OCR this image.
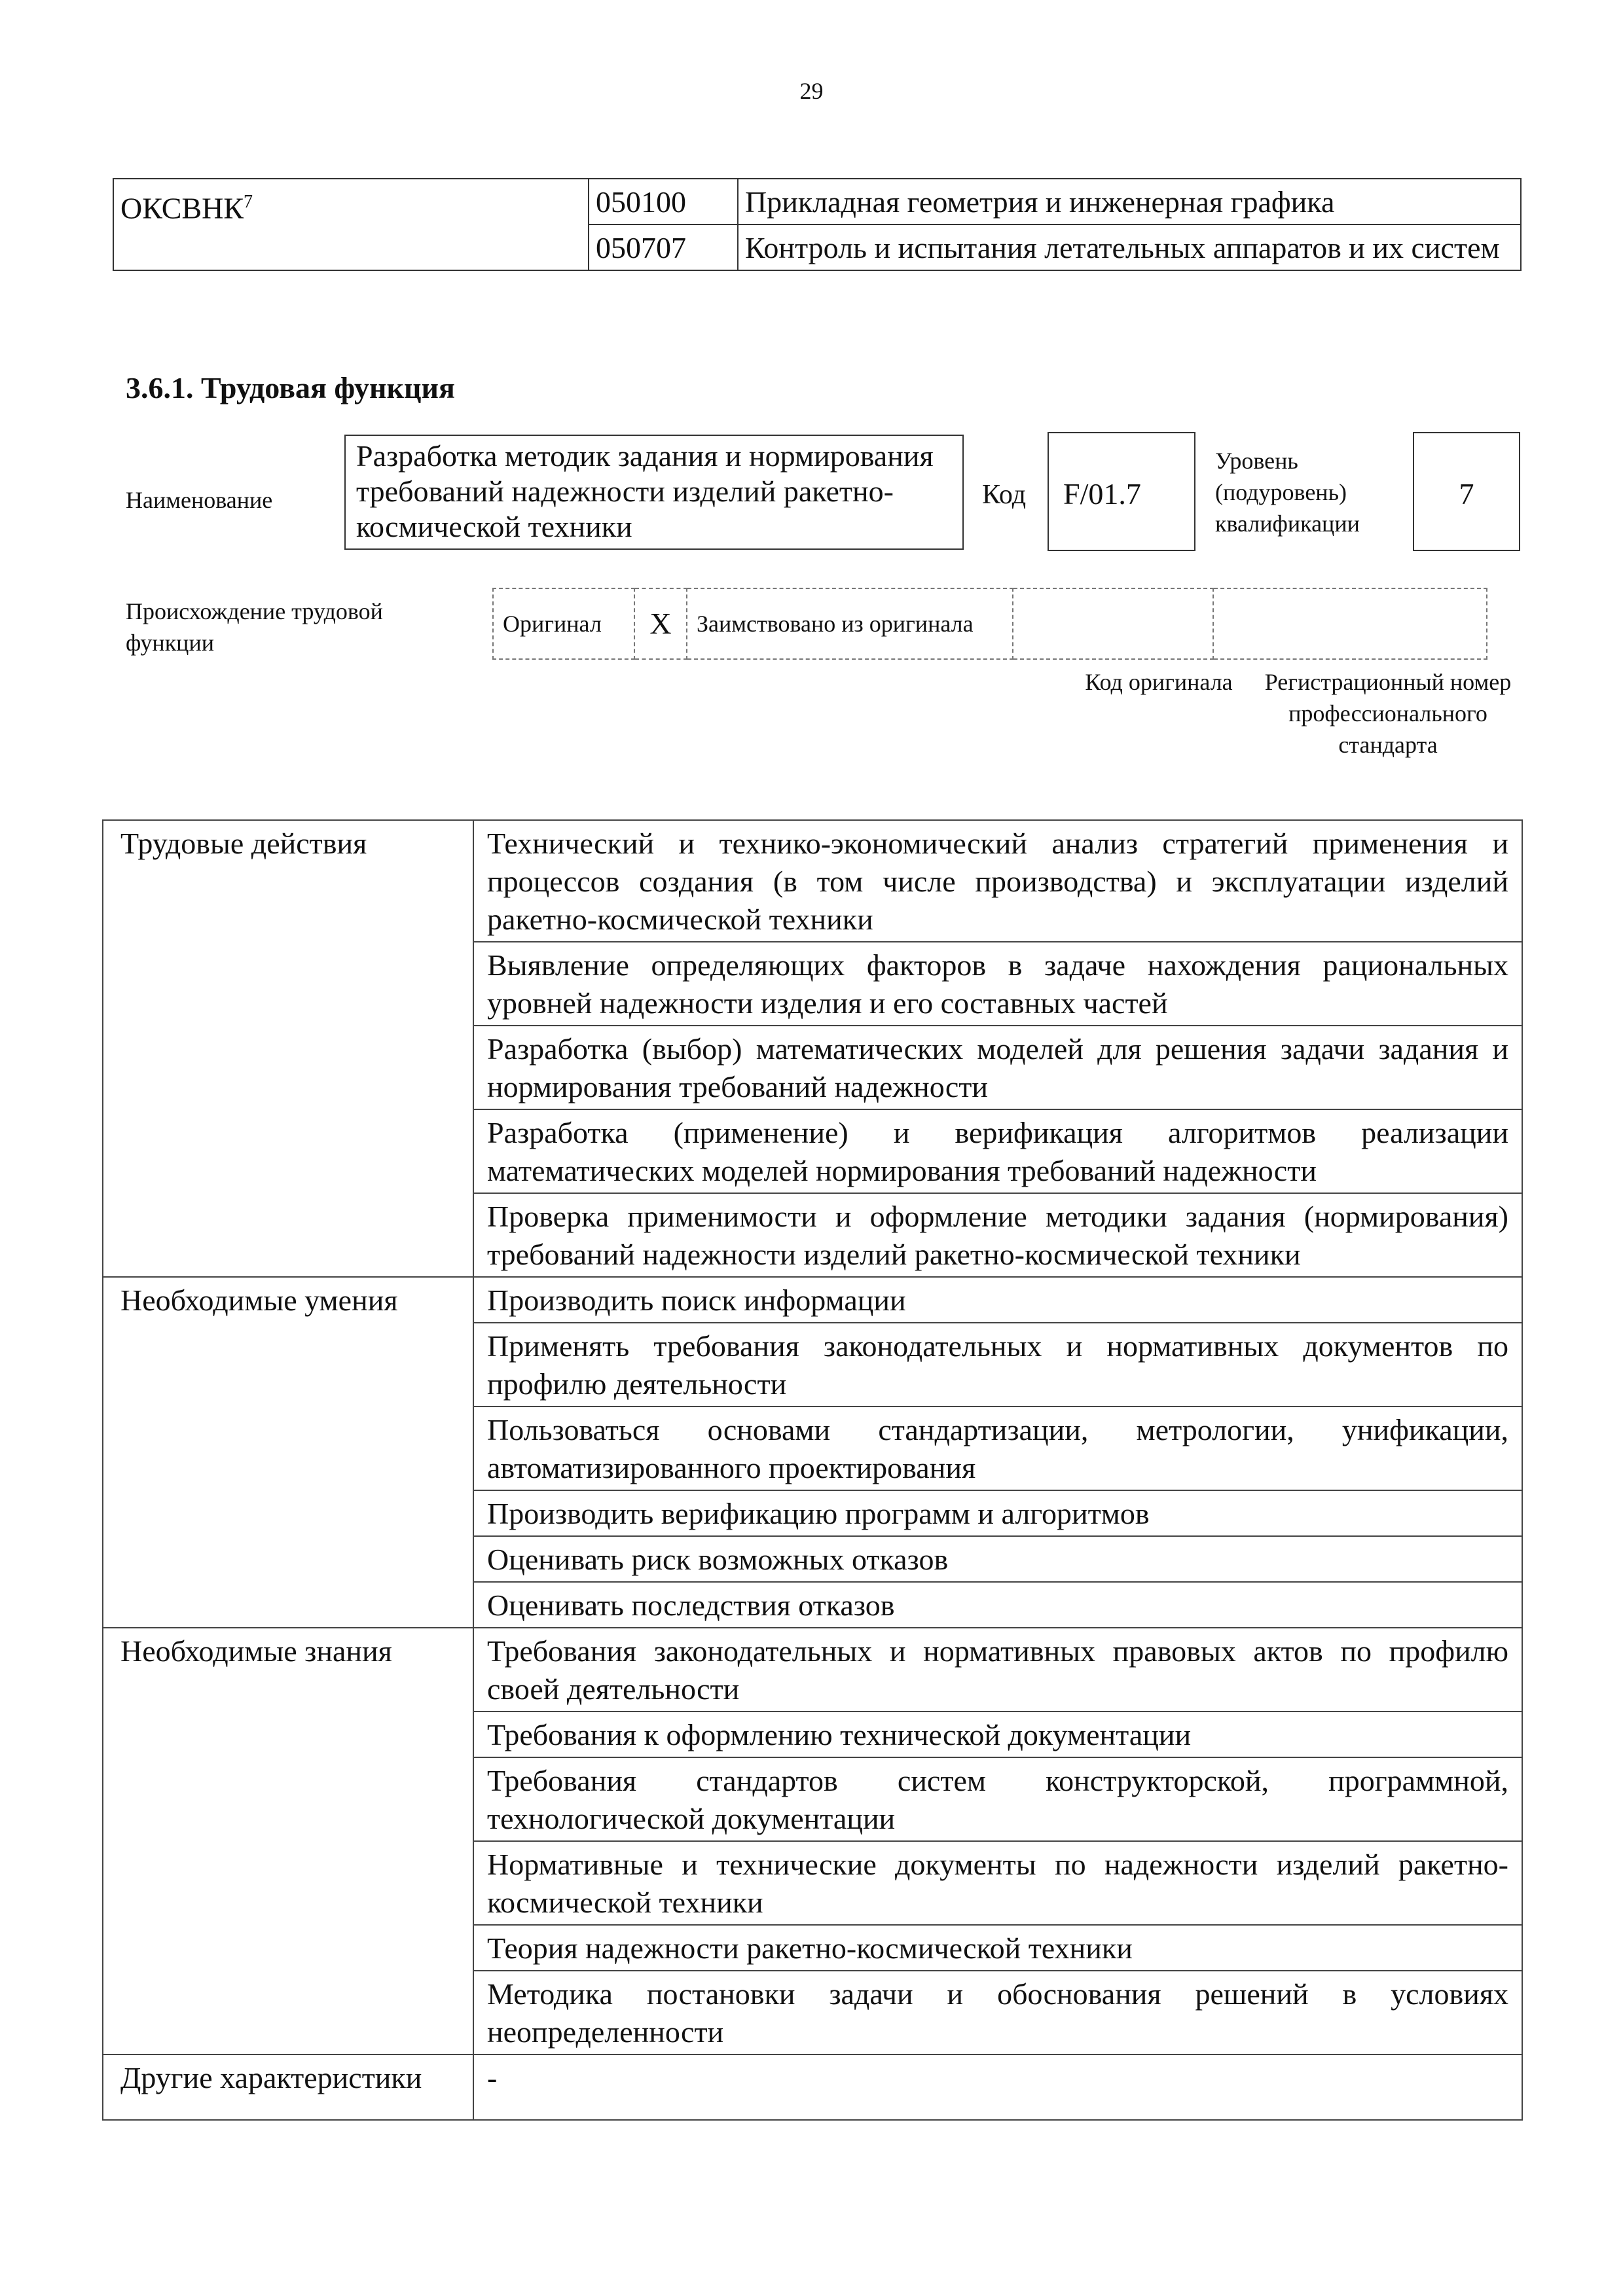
29
ОКСВНК$^7$	050100	Прикладная геометрия и инженерная графика
	050707	Контроль и испытания летательных аппаратов и их систем
3.6.1. Трудовая функция
Наименование
Разработка методик задания и нормирования требований надежности изделий ракетно-космической техники
Код	F/01.7
Уровень (подуровень) квалификации
7
Происхождение трудовой функции
Оригинал	X	Заимствовано из оригинала		
Код оригинала	Регистрационный номер профессионального стандарта
Трудовые действия	Технический и технико-экономический анализ стратегий применения и процессов создания (в том числе производства) и эксплуатации изделий ракетно-космической техники
	Выявление определяющих факторов в задаче нахождения рациональных уровней надежности изделия и его составных частей
	Разработка (выбор) математических моделей для решения задачи задания и нормирования требований надежности
	Разработка (применение) и верификация алгоритмов реализации математических моделей нормирования требований надежности
	Проверка применимости и оформление методики задания (нормирования) требований надежности изделий ракетно-космической техники
Необходимые умения	Производить поиск информации
	Применять требования законодательных и нормативных документов по профилю деятельности
	Пользоваться основами стандартизации, метрологии, унификации, автоматизированного проектирования
	Производить верификацию программ и алгоритмов
	Оценивать риск возможных отказов
	Оценивать последствия отказов
Необходимые знания	Требования законодательных и нормативных правовых актов по профилю своей деятельности
	Требования к оформлению технической документации
	Требования стандартов систем конструкторской, программной, технологической документации
	Нормативные и технические документы по надежности изделий ракетно-космической техники
	Теория надежности ракетно-космической техники
	Методика постановки задачи и обоснования решений в условиях неопределенности
Другие характеристики	-
